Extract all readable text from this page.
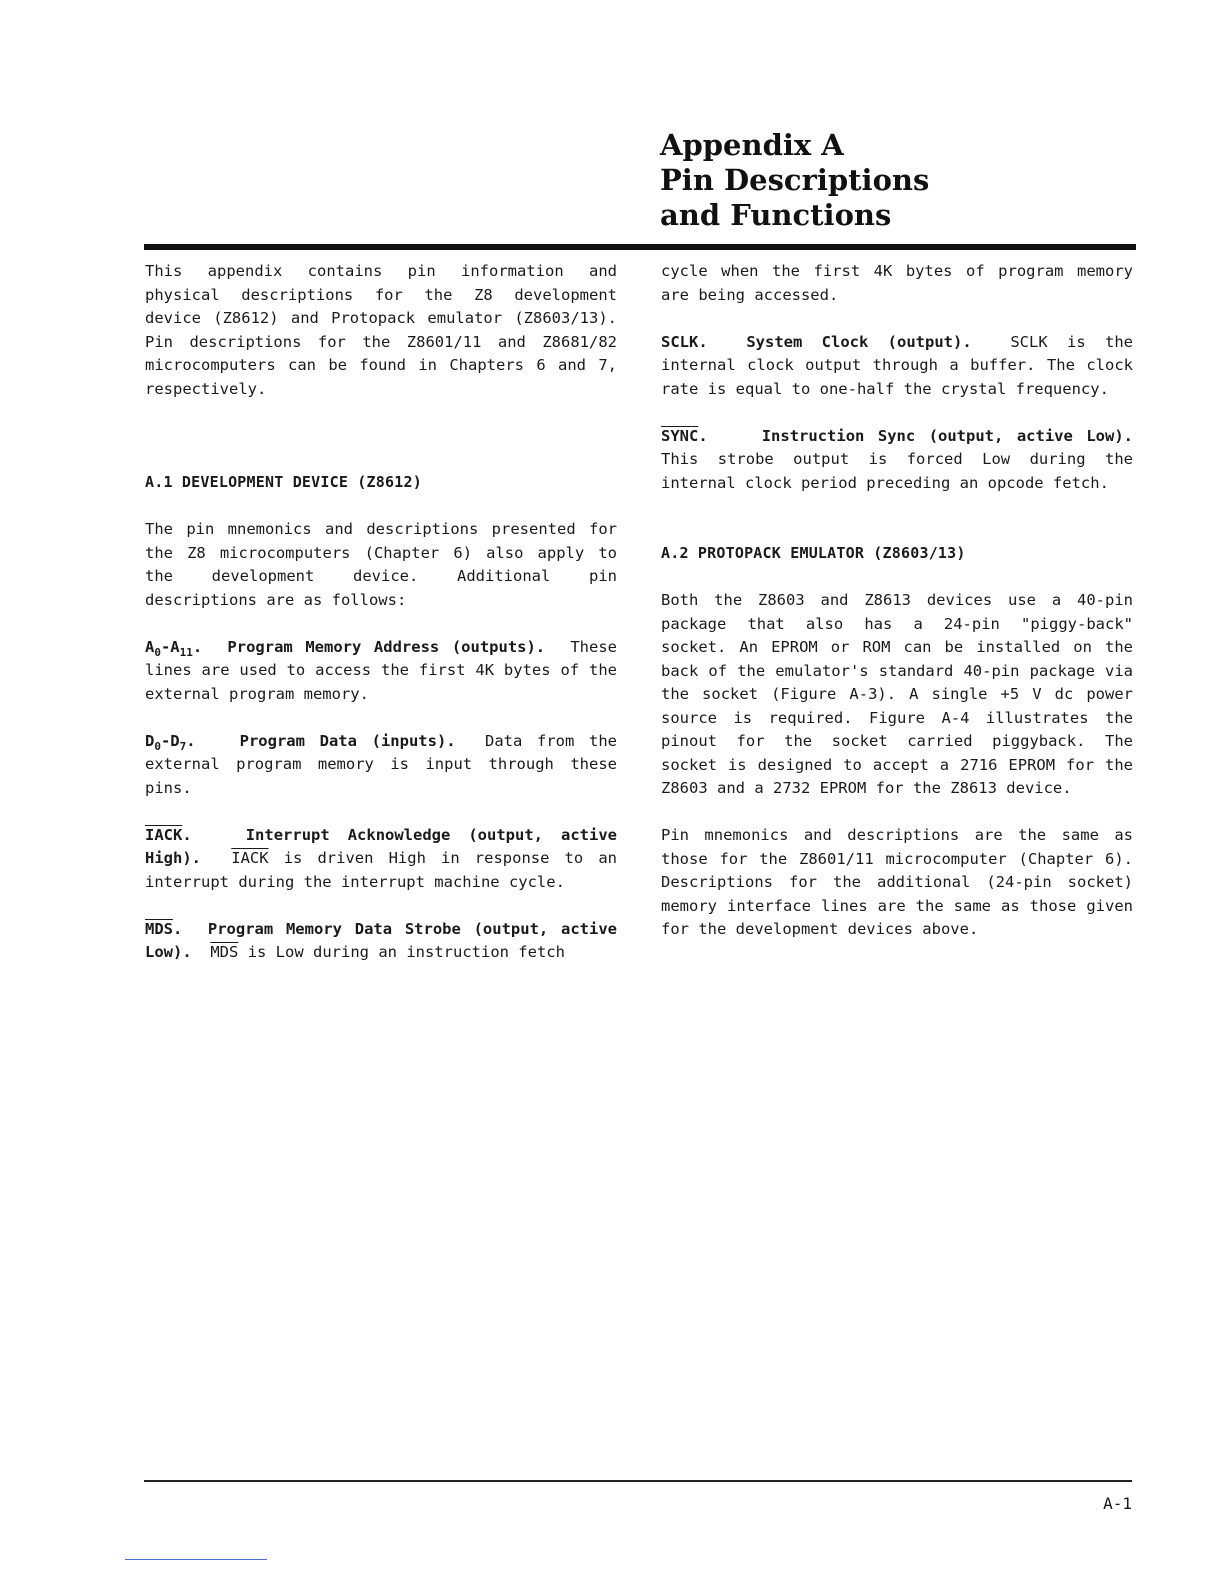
Appendix A
Pin Descriptions
and Functions

This appendix contains pin information and physical descriptions for the Z8 development device (Z8612) and Protopack emulator (Z8603/13). Pin descriptions for the Z8601/11 and Z8681/82 microcomputers can be found in Chapters 6 and 7, respectively.

A.1 DEVELOPMENT DEVICE (Z8612)

The pin mnemonics and descriptions presented for the Z8 microcomputers (Chapter 6) also apply to the development device. Additional pin descriptions are as follows:

$A_0-A_{11}$. Program Memory Address (outputs). These lines are used to access the first 4K bytes of the external program memory.

$D_0-D_7$.	Program Data (inputs). Data from the external program memory is input through these pins.

IACK.	Interrupt Acknowledge (output, active High). IACK is driven High in response to an interrupt during the interrupt machine cycle.

$\overline{MDS}$. Program Memory Data Strobe (output, active Low). $\overline{MDS}$ is Low during an instruction fetch

cycle when the first 4K bytes of program memory are being accessed.

SCLK. System Clock (output). SCLK is the internal clock output through a buffer. The clock rate is equal to one-half the crystal frequency.

SYNC.	Instruction Sync (output, active Low). This strobe output is forced Low during the internal clock period preceding an opcode fetch.

A.2 PROTOPACK EMULATOR (Z8603/13)

Both the Z8603 and Z8613 devices use a 40-pin package that also has a 24-pin "piggy-back" socket. An EPROM or ROM can be installed on the back of the emulator's standard 40-pin package via the socket (Figure A-3). A single +5 V dc power source is required. Figure A-4 illustrates the pinout for the socket carried piggyback. The socket is designed to accept a 2716 EPROM for the Z8603 and a 2732 EPROM for the Z8613 device.

Pin mnemonics and descriptions are the same as those for the Z8601/11 microcomputer (Chapter 6). Descriptions for the additional (24-pin socket) memory interface lines are the same as those given for the development devices above.

A-1
